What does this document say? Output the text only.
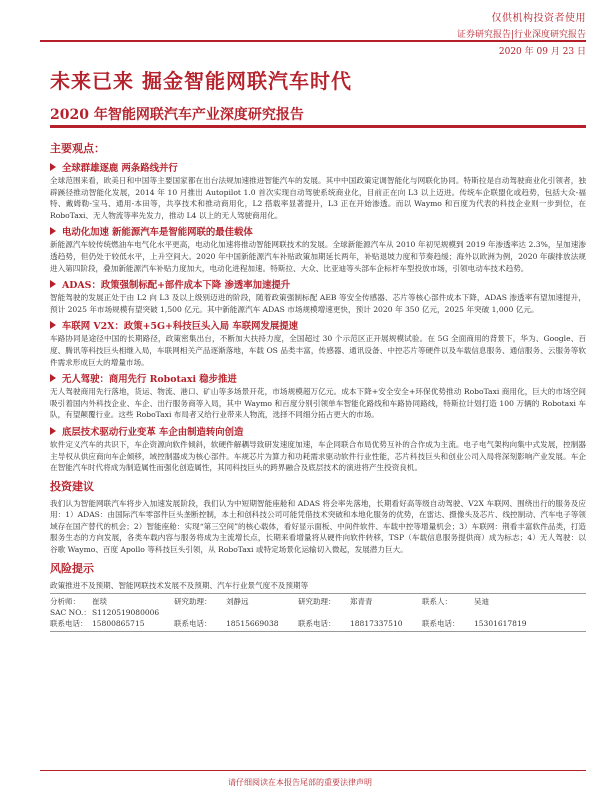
仅供机构投资者使用
证券研究报告|行业深度研究报告
2020 年 09 月 23 日
未来已来 掘金智能网联汽车时代
2020 年智能网联汽车产业深度研究报告
主要观点：
全球群雄逐鹿 两条路线并行

全球范围来看，欧美日和中国等主要国家都在出台法规加速推进智能汽车的发展。其中中国政策定调智能化与网联化协同。特斯拉是自动驾驶商业化引领者，独辟蹊径推动智能化发展，2014 年 10 月推出 Autopilot 1.0 首次实现自动驾驶系统商业化，目前正在向 L3 以上迈进。传统车企联盟化或趋势，包括大众-福特、戴姆勒-宝马、通用-本田等，共享技术和推动商用化，L2 搭载率显著提升，L3 正在开始渗透。而以 Waymo 和百度为代表的科技企业则一步到位，在 RoboTaxi、无人物流等率先发力，推动 L4 以上的无人驾驶商用化。

电动化加速 新能源汽车是智能网联的最佳载体

新能源汽车较传统燃油车电气化水平更高，电动化加速将推动智能网联技术的发展。全球新能源汽车从 2010 年初见规模到 2019 年渗透率达 2.3%，呈加速渗透趋势，但仍处于较低水平，上升空间大。2020 年中国新能源汽车补贴政策加期延长两年，补贴退坡力度和节奏趋缓；海外以欧洲为例，2020 年碳排放法规进入第四阶段，叠加新能源汽车补贴力度加大，电动化进程加速。特斯拉、大众、比亚迪等头部车企标杆车型投放市场，引领电动车技术趋势。

ADAS：政策强制标配+部件成本下降 渗透率加速提升

智能驾驶的发展正处于由 L2 向 L3 及以上级别迈进的阶段，随着政策强制标配 AEB 等安全传感器、芯片等核心部件成本下降，ADAS 渗透率有望加速提升，预计 2025 年市场规模有望突破 1,500 亿元。其中新能源汽车 ADAS 市场规模增速更快，预计 2020 年 350 亿元，2025 年突破 1,000 亿元。

车联网 V2X：政策+5G+科技巨头入局 车联网发展提速

车路协同是途径中国的长期路径，政策密集出台，不断加大扶持力度，全国超过 30 个示范区正开展规模试验。在 5G 全面商用的背景下，华为、Google、百度、腾讯等科技巨头相继入局，车联网相关产品逐渐落地，车载 OS 品类丰富，传感器、通讯设备、中控芯片等硬件以及车载信息服务、通信服务、云服务等软件需求形成巨大的增量市场。

无人驾驶：商用先行 Robotaxi 稳步推进

无人驾驶商用先行落地，货运、物流、港口、矿山等多场景开花，市场规模超万亿元。成本下降+安全安全+环保优势推动 RoboTaxi 商用化，巨大的市场空间吸引着国内外科技企业、车企、出行服务商等入局，其中 Waymo 和百度分别引领单车智能化路线和车路协同路线，特斯拉计划打造 100 万辆的 Robotaxi 车队，有望颠覆行业。这些 RoboTaxi 布局者又给行业带来人物流，选择不同细分拓占更大的市场。

底层技术驱动行业变革 车企由制造转向创造

软件定义汽车的共识下，车企资源向软件倾斜，软硬件解耦导致研发速度加速，车企同联合布局优势互补的合作成为主流。电子电气架构向集中式发展，控制器主导权从供应商向车企倾移，域控制器成为核心部件。车规芯片为算力和功耗需求驱动软件行业性能，芯片科技巨头和创业公司入局将深刻影响产业发展。车企在智能汽车时代将成为制造属性而强化创造属性，其同科技巨头的跨界融合及底层技术的演进将产生投资良机。

投资建议

我们认为智能网联汽车将步入加速发展阶段，我们认为中短期智能座舱和 ADAS 将会率先落地，长期看好高等级自动驾驶、V2X 车联网、围绕出行的服务及应用：1）ADAS：由国际汽车零部件巨头垄断控制，本土和创科技公司可能凭借技术突破和本地化服务的优势，在雷达、摄像头及芯片、线控制动、汽车电子等领域存在国产替代的机会；2）智能座舱：实现“第三空间”的核心载体，看好显示面板、中间件软件、车载中控等增量机会；3）车联网：荆看丰富软件品类，打造服务生态的方向发展，各类车载内容与服务将成为主流增长点，长期来看增量将从硬件向软件转移，TSP（车载信息服务提供商）成为标志；4）无人驾驶：以谷歌 Waymo、百度 Apollo 等科技巨头引领，从 RoboTaxi 或特定场景化运输切入微起，发展潜力巨大。

风险提示

政策推进不及预期、智能网联技术发展不及预期、汽车行业景气度不及预期等

分析师：	崔琰	研究助理：	刘静远	研究助理：	郑青青	联系人：	吴迪
SAC NO.： S1120519080006
联系电话： 15800865715	联系电话：	18515669038	联系电话：	18817337510	联系电话：	15301617819
请仔细阅读在本报告尾部的重要法律声明
